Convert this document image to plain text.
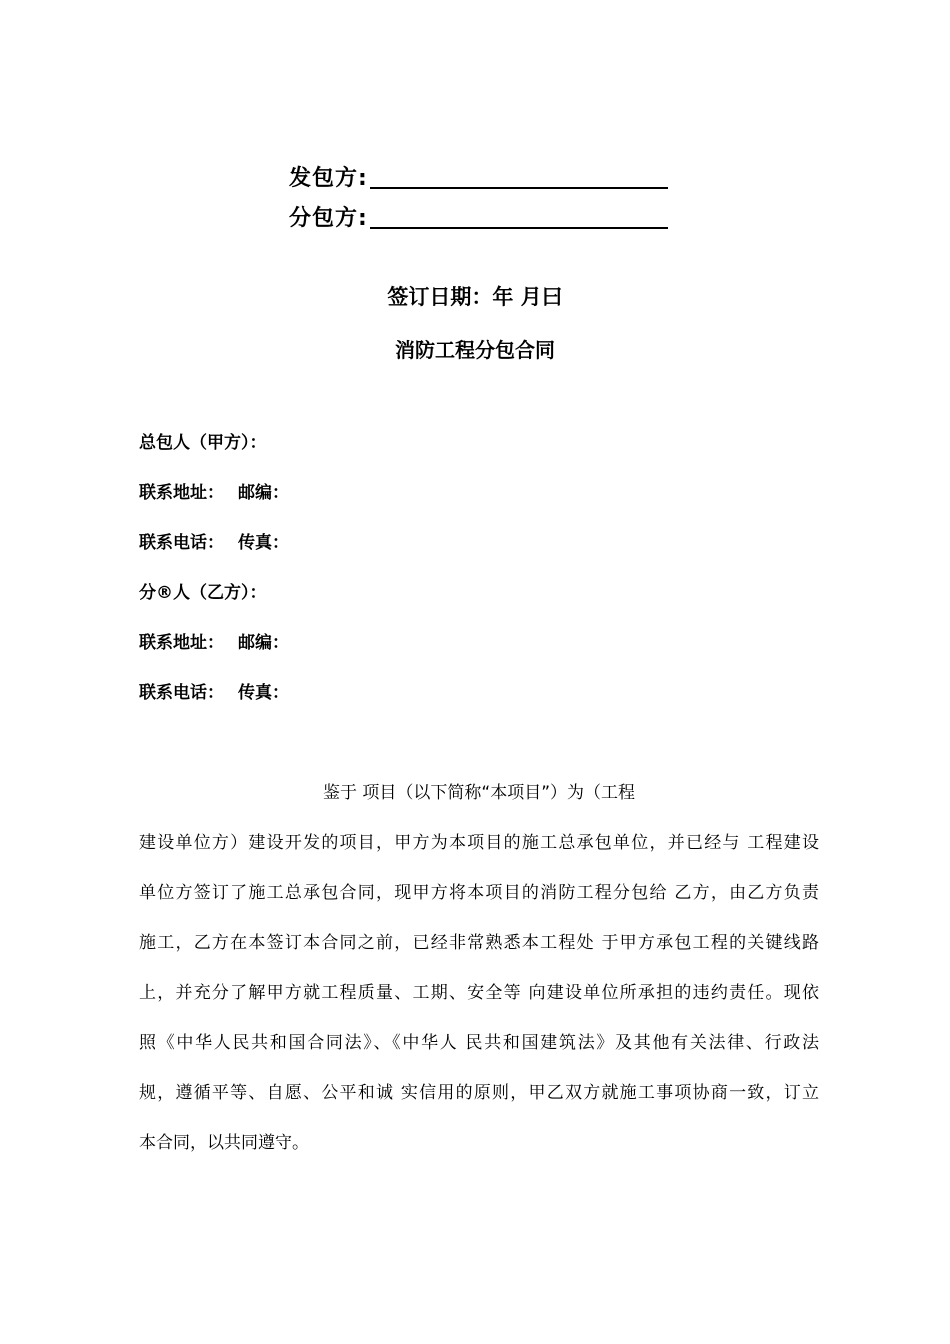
发包方:
分包方:
签订日期：年 月曰
消防工程分包合同
总包人（甲方）：
联系地址： 邮编：
联系电话： 传真：
分®人（乙方）：
联系地址： 邮编：
联系电话： 传真：
鉴于 项目（以下简称“本项目”）为（工程
建设单位方）建设开发的项目，甲方为本项目的施工总承包单位，并已经与 工程建设
单位方签订了施工总承包合同，现甲方将本项目的消防工程分包给 乙方，由乙方负责
施工，乙方在本签订本合同之前，已经非常熟悉本工程处 于甲方承包工程的关键线路
上，并充分了解甲方就工程质量、工期、安全等 向建设单位所承担的违约责任。现依
照《中华人民共和国合同法》、《中华人 民共和国建筑法》及其他有关法律、行政法
规，遵循平等、自愿、公平和诚 实信用的原则，甲乙双方就施工事项协商一致，订立
本合同，以共同遵守。
